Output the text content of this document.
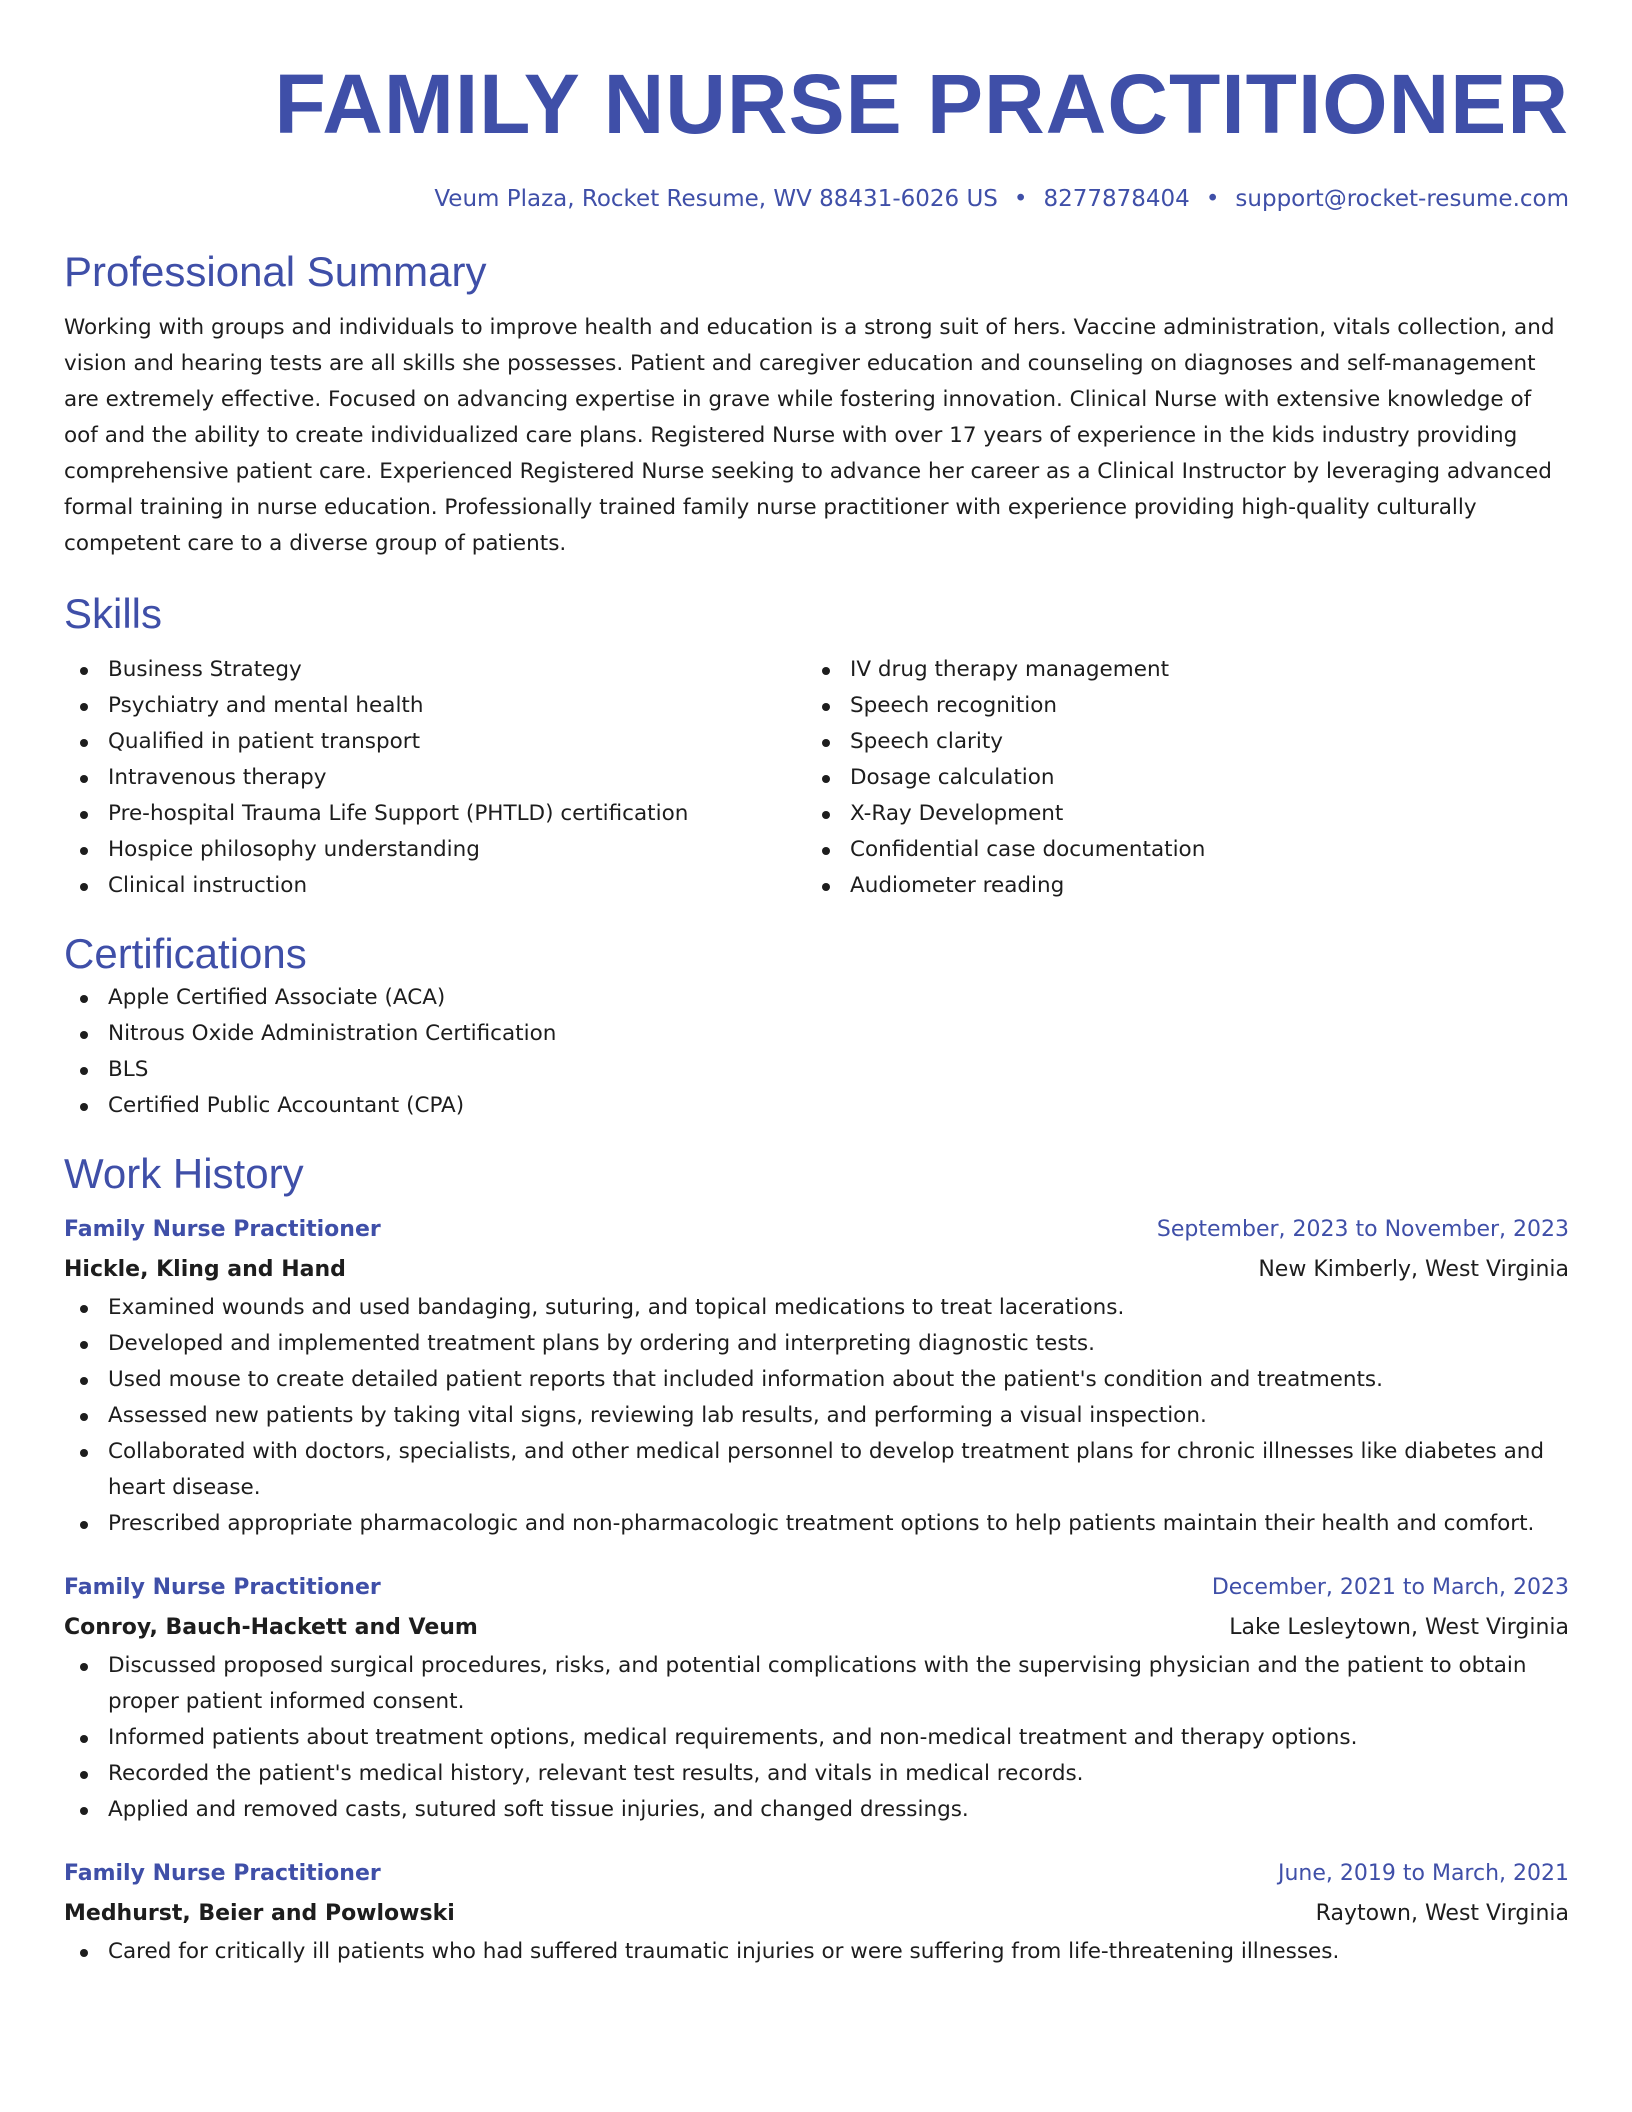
FAMILY NURSE PRACTITIONER
Veum Plaza, Rocket Resume, WV 88431-6026 US • 8277878404 • support@rocket-resume.com
Professional Summary
Working with groups and individuals to improve health and education is a strong suit of hers. Vaccine administration, vitals collection, and vision and hearing tests are all skills she possesses. Patient and caregiver education and counseling on diagnoses and self-management are extremely effective. Focused on advancing expertise in grave while fostering innovation. Clinical Nurse with extensive knowledge of oof and the ability to create individualized care plans. Registered Nurse with over 17 years of experience in the kids industry providing comprehensive patient care. Experienced Registered Nurse seeking to advance her career as a Clinical Instructor by leveraging advanced formal training in nurse education. Professionally trained family nurse practitioner with experience providing high-quality culturally competent care to a diverse group of patients.
Skills
Business Strategy
Psychiatry and mental health
Qualified in patient transport
Intravenous therapy
Pre-hospital Trauma Life Support (PHTLD) certification
Hospice philosophy understanding
Clinical instruction
IV drug therapy management
Speech recognition
Speech clarity
Dosage calculation
X-Ray Development
Confidential case documentation
Audiometer reading
Certifications
Apple Certified Associate (ACA)
Nitrous Oxide Administration Certification
BLS
Certified Public Accountant (CPA)
Work History
Family Nurse Practitioner	September, 2023 to November, 2023
Hickle, Kling and Hand	New Kimberly, West Virginia
Examined wounds and used bandaging, suturing, and topical medications to treat lacerations.
Developed and implemented treatment plans by ordering and interpreting diagnostic tests.
Used mouse to create detailed patient reports that included information about the patient's condition and treatments.
Assessed new patients by taking vital signs, reviewing lab results, and performing a visual inspection.
Collaborated with doctors, specialists, and other medical personnel to develop treatment plans for chronic illnesses like diabetes and heart disease.
Prescribed appropriate pharmacologic and non-pharmacologic treatment options to help patients maintain their health and comfort.
Family Nurse Practitioner	December, 2021 to March, 2023
Conroy, Bauch-Hackett and Veum	Lake Lesleytown, West Virginia
Discussed proposed surgical procedures, risks, and potential complications with the supervising physician and the patient to obtain proper patient informed consent.
Informed patients about treatment options, medical requirements, and non-medical treatment and therapy options.
Recorded the patient's medical history, relevant test results, and vitals in medical records.
Applied and removed casts, sutured soft tissue injuries, and changed dressings.
Family Nurse Practitioner	June, 2019 to March, 2021
Medhurst, Beier and Powlowski	Raytown, West Virginia
Cared for critically ill patients who had suffered traumatic injuries or were suffering from life-threatening illnesses.
